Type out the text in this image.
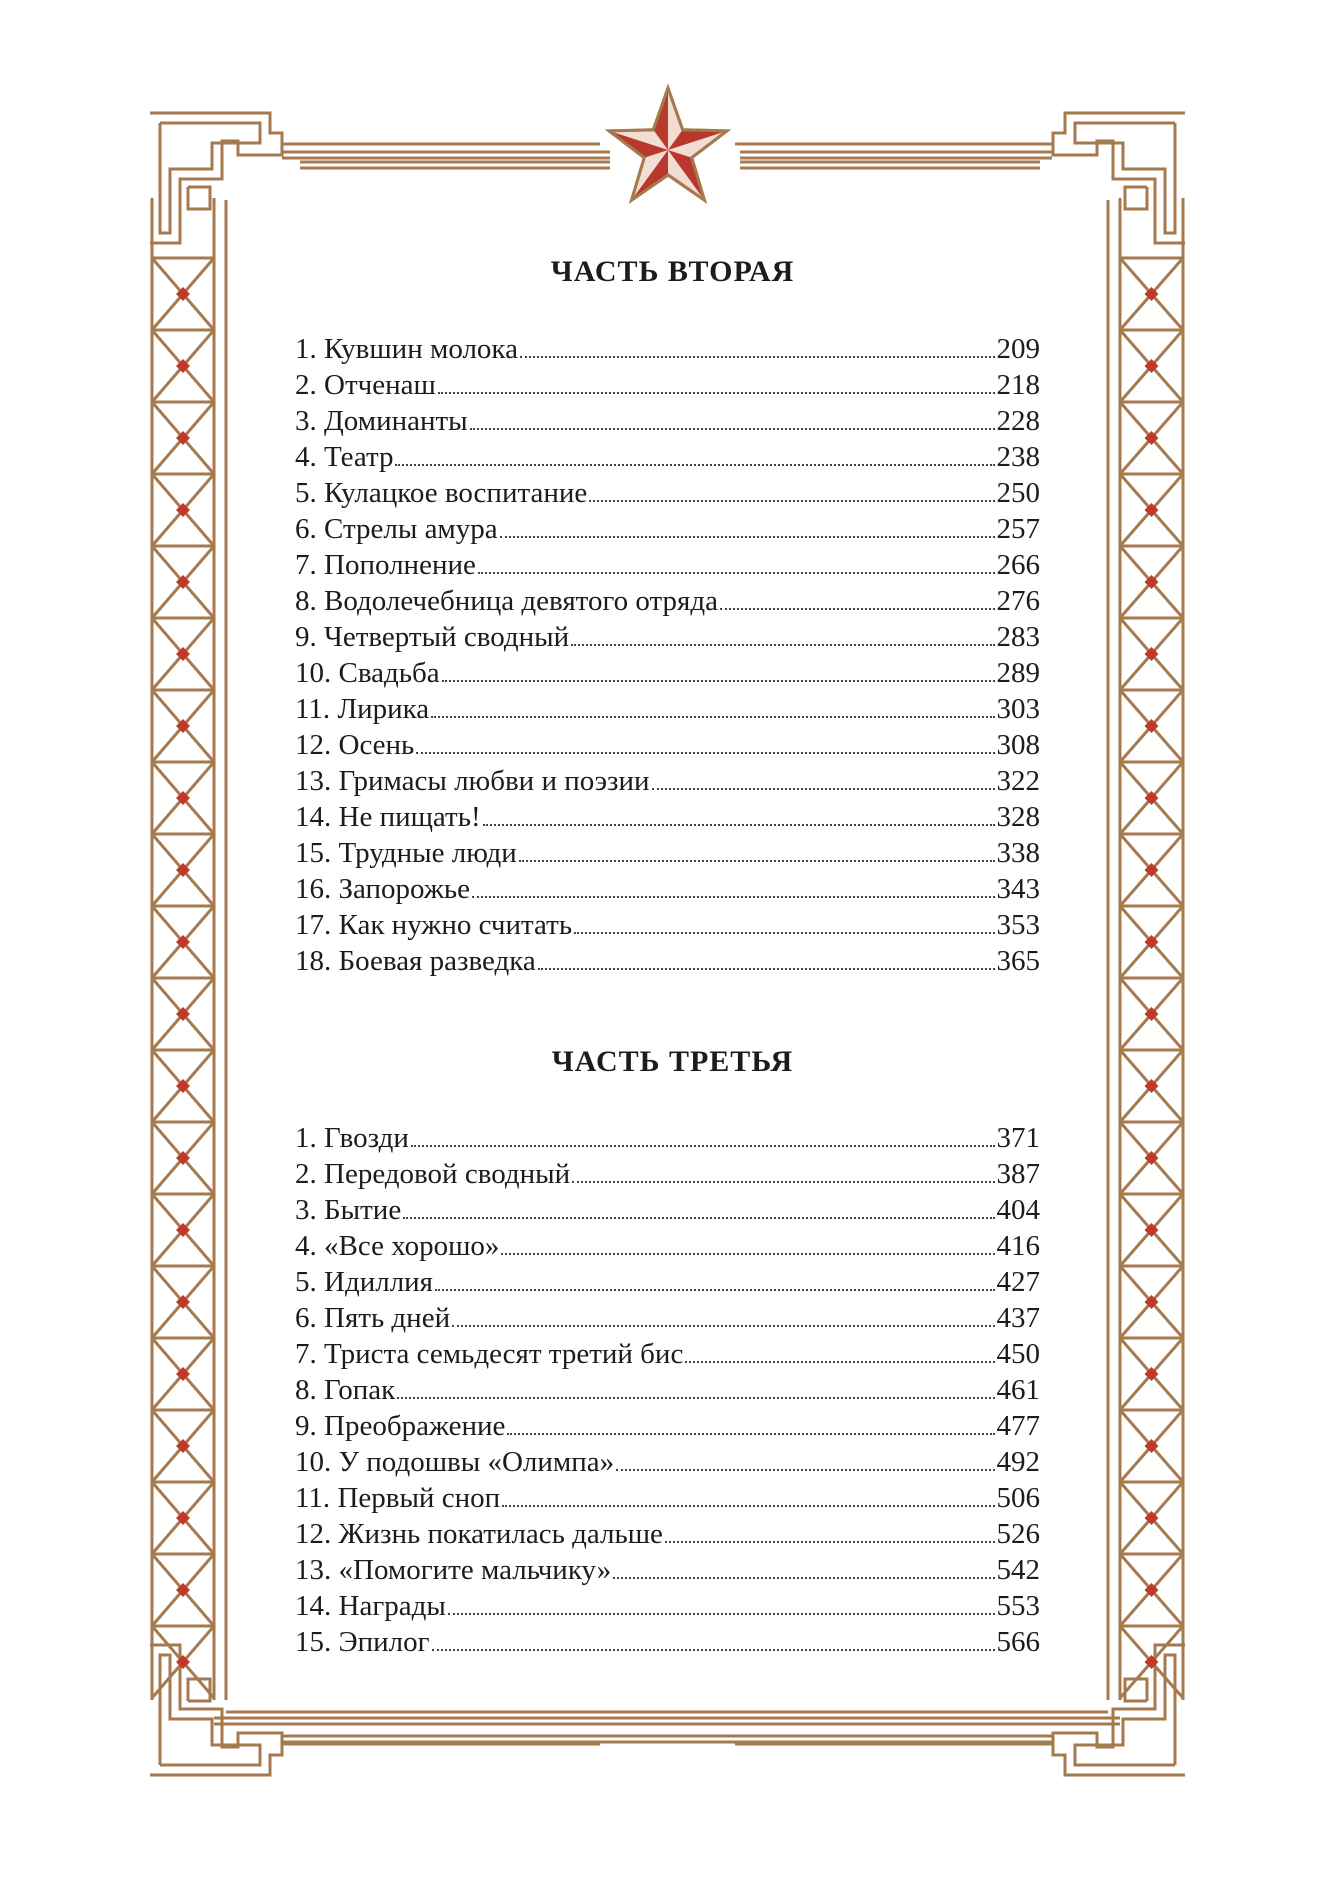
ЧАСТЬ ВТОРАЯ
1. Кувшин молока	209
2. Отченаш	218
3. Доминанты	228
4. Театр	238
5. Кулацкое воспитание	250
6. Стрелы амура	257
7. Пополнение	266
8. Водолечебница девятого отряда	276
9. Четвертый сводный	283
10. Свадьба	289
11. Лирика	303
12. Осень	308
13. Гримасы любви и поэзии	322
14. Не пищать!	328
15. Трудные люди	338
16. Запорожье	343
17. Как нужно считать	353
18. Боевая разведка	365
ЧАСТЬ ТРЕТЬЯ
1. Гвозди	371
2. Передовой сводный	387
3. Бытие	404
4. «Все хорошо»	416
5. Идиллия	427
6. Пять дней	437
7. Триста семьдесят третий бис	450
8. Гопак	461
9. Преображение	477
10. У подошвы «Олимпа»	492
11. Первый сноп	506
12. Жизнь покатилась дальше	526
13. «Помогите мальчику»	542
14. Награды	553
15. Эпилог	566
